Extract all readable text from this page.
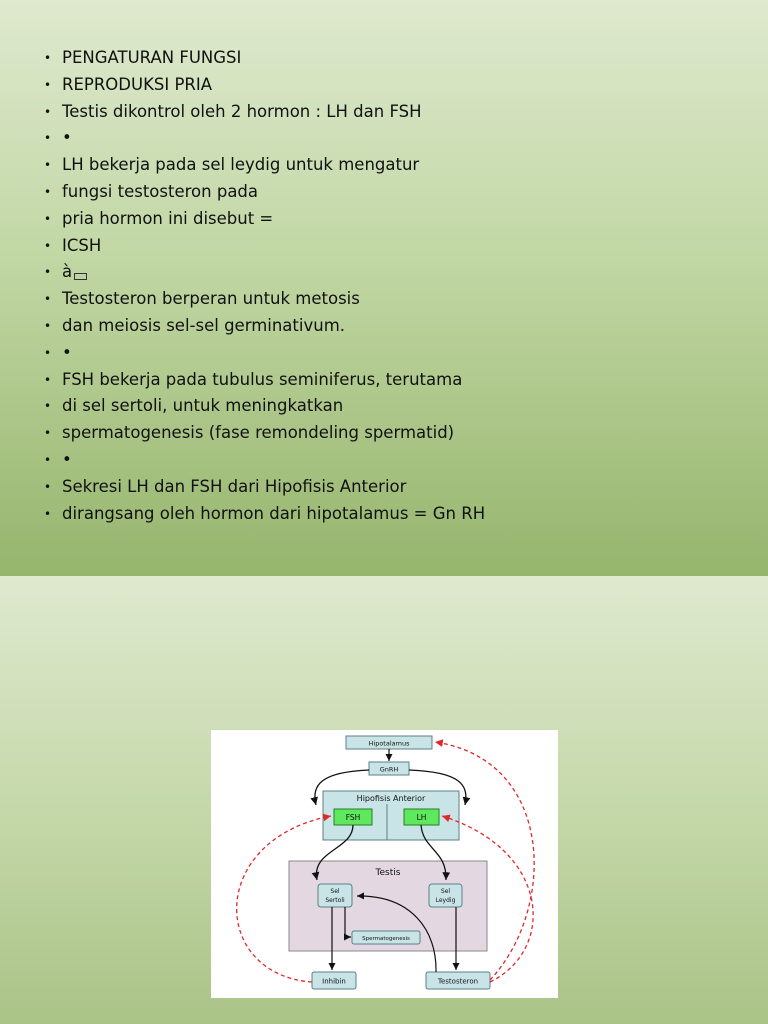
• PENGATURAN FUNGSI
• REPRODUKSI PRIA
• Testis dikontrol oleh 2 hormon : LH dan FSH
• •
• LH bekerja pada sel leydig untuk mengatur
• fungsi testosteron pada
• pria hormon ini disebut =
• ICSH
• à
• Testosteron berperan untuk metosis
• dan meiosis sel-sel germinativum.
• •
• FSH bekerja pada tubulus seminiferus, terutama
• di sel sertoli, untuk meningkatkan
• spermatogenesis (fase remondeling spermatid)
• •
• Sekresi LH dan FSH dari Hipofisis Anterior
• dirangsang oleh hormon dari hipotalamus = Gn RH
Testis
Hipofisis Anterior
Hipotalamus
GnRH
FSH	LH
Sel
Sertoli
Sel
Leydig
Spermatogenesis
Inhibin	Testosteron
